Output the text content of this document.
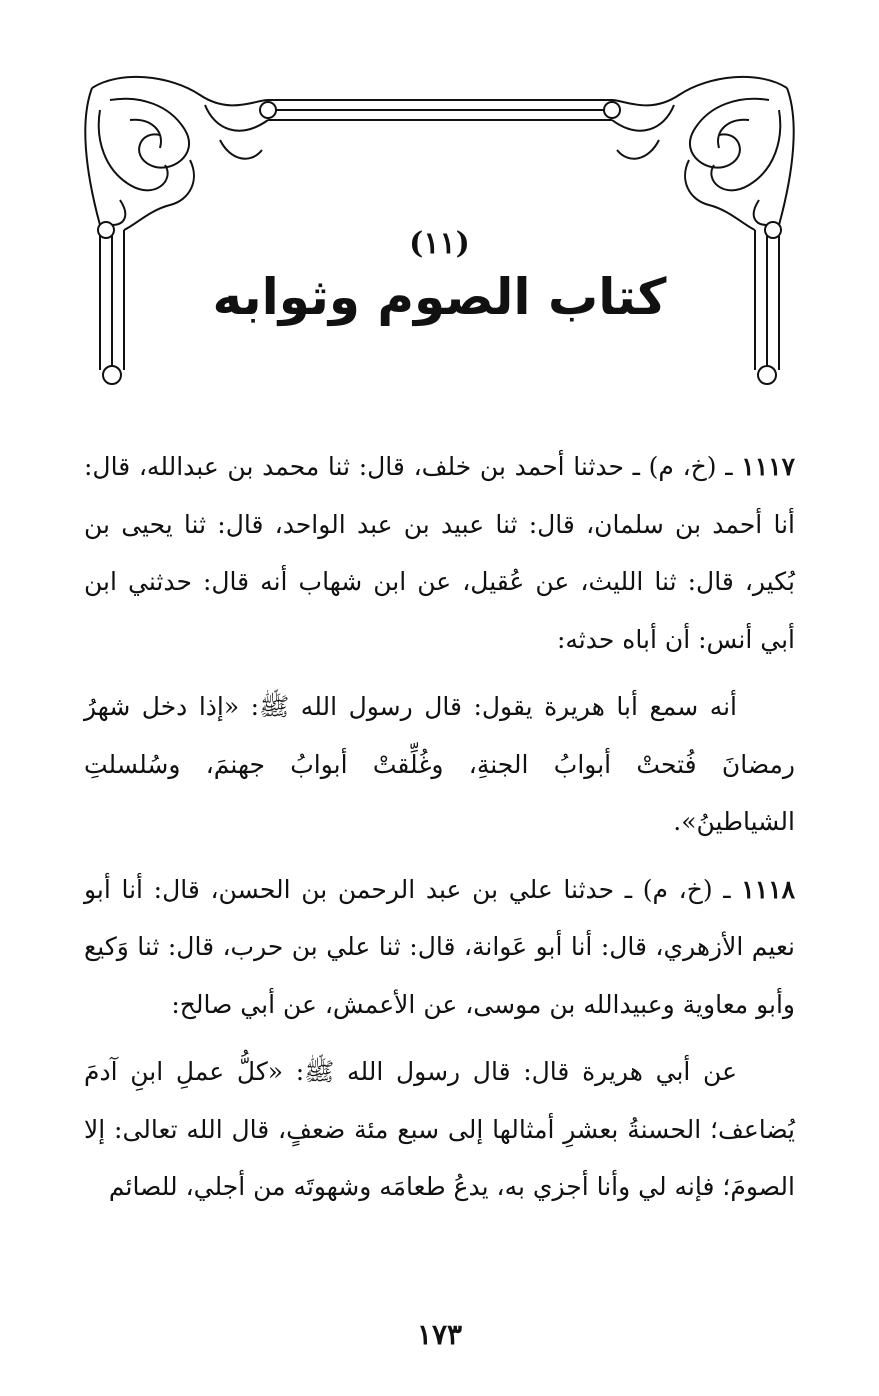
(١١)
كتاب الصوم وثوابه

١١١٧ ـ (خ، م) ـ حدثنا أحمد بن خلف، قال: ثنا محمد بن عبدالله، قال: أنا أحمد بن سلمان، قال: ثنا عبيد بن عبد الواحد، قال: ثنا يحيى بن بُكير، قال: ثنا الليث، عن عُقيل، عن ابن شهاب أنه قال: حدثني ابن أبي أنس: أن أباه حدثه:

أنه سمع أبا هريرة يقول: قال رسول الله ﷺ: «إذا دخل شهرُ رمضانَ فُتحتْ أبوابُ الجنةِ، وغُلِّقتْ أبوابُ جهنمَ، وسُلسلتِ الشياطينُ».

١١١٨ ـ (خ، م) ـ حدثنا علي بن عبد الرحمن بن الحسن، قال: أنا أبو نعيم الأزهري، قال: أنا أبو عَوانة، قال: ثنا علي بن حرب، قال: ثنا وَكيع وأبو معاوية وعبيدالله بن موسى، عن الأعمش، عن أبي صالح:

عن أبي هريرة قال: قال رسول الله ﷺ: «كلُّ عملِ ابنِ آدمَ يُضاعف؛ الحسنةُ بعشرِ أمثالها إلى سبع مئة ضعفٍ، قال الله تعالى: إلا الصومَ؛ فإنه لي وأنا أجزي به، يدعُ طعامَه وشهوتَه من أجلي، للصائم

١٧٣
